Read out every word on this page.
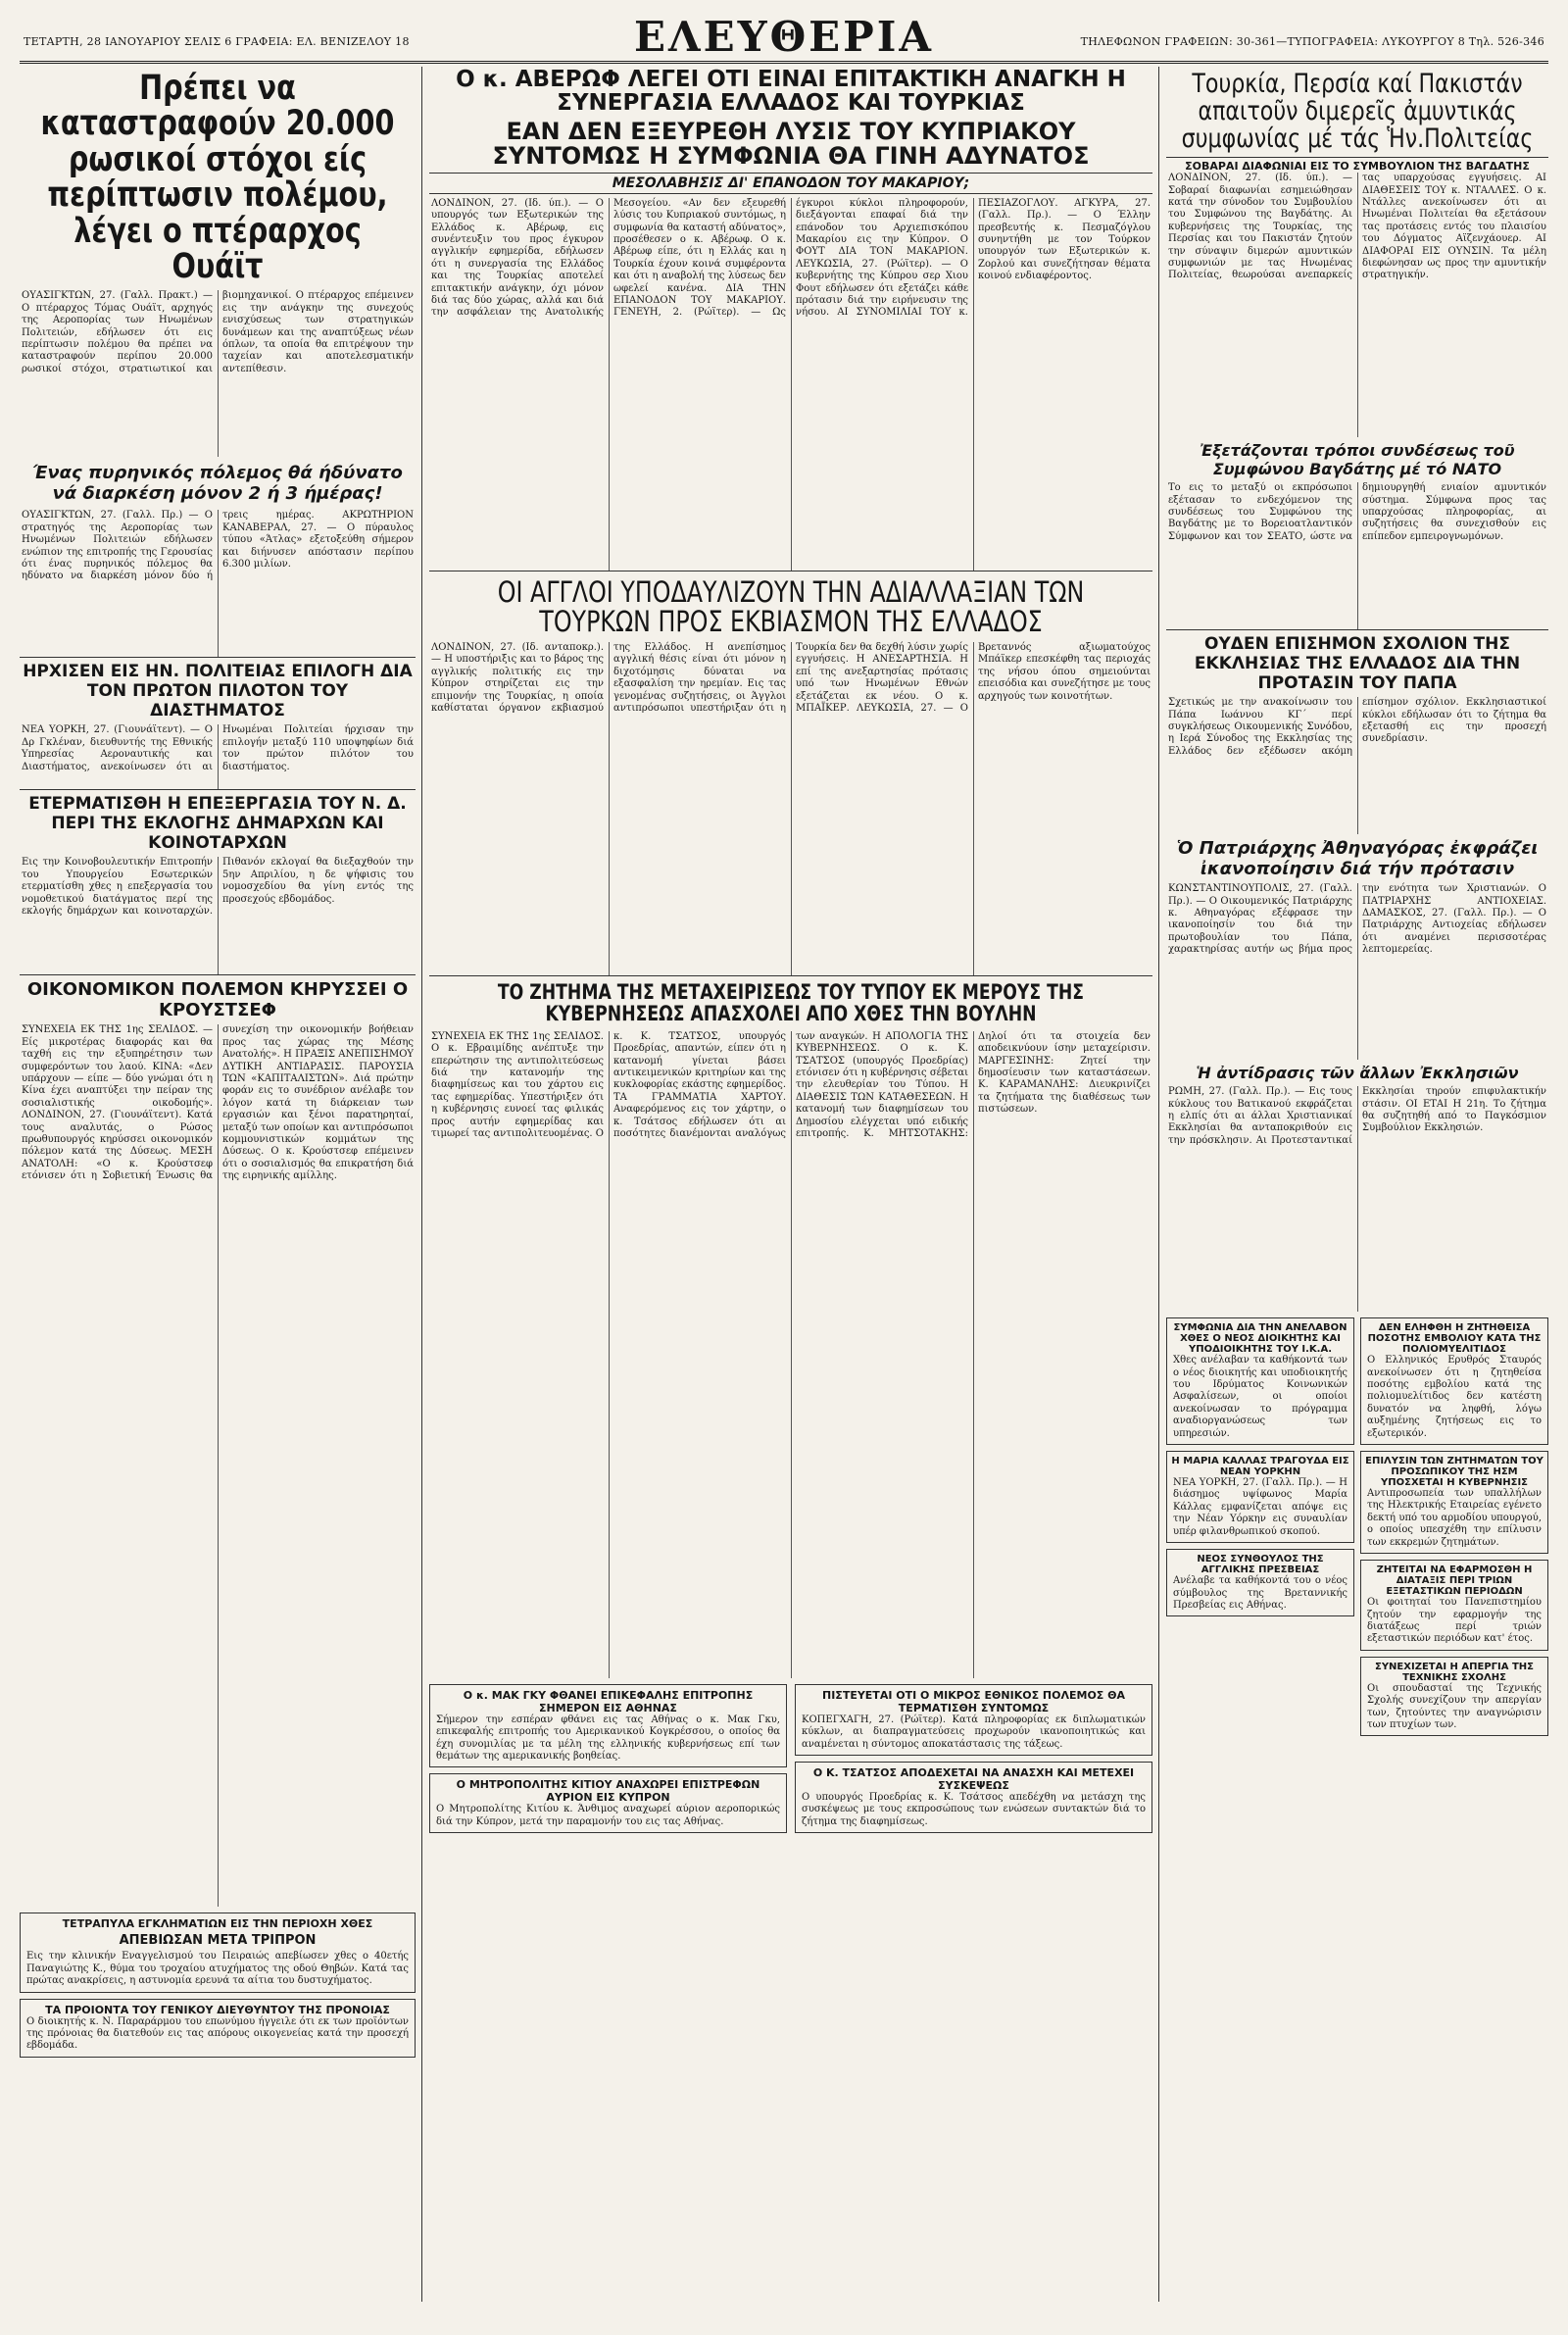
ΤΕΤΑΡΤΗ, 28 ΙΑΝΟΥΑΡΙΟΥ ΣΕΛΙΣ 6 ΓΡΑΦΕΙΑ: ΕΛ. ΒΕΝΙΖΕΛΟΥ 18	ΕΛΕΥΘΕΡΙΑ	ΤΗΛΕΦΩΝΟΝ ΓΡΑΦΕΙΩΝ: 30-361—ΤΥΠΟΓΡΑΦΕΙΑ: ΛΥΚΟΥΡΓΟΥ 8 Τηλ. 526-346
Πρέπει να καταστραφούν 20.000 ρωσικοί στόχοι είς περίπτωσιν πολέμου, λέγει ο πτέραρχος Ουάϊτ

ΟΥΑΣΙΓΚΤΩΝ, 27. (Γαλλ. Πρακτ.) — Ο πτέραρχος Τόμας Ουάϊτ, αρχηγός της Αεροπορίας των Ηνωμένων Πολιτειών, εδήλωσεν ότι εις περίπτωσιν πολέμου θα πρέπει να καταστραφούν περίπου 20.000 ρωσικοί στόχοι, στρατιωτικοί και βιομηχανικοί. Ο πτέραρχος επέμεινεν εις την ανάγκην της συνεχούς ενισχύσεως των στρατηγικών δυνάμεων και της αναπτύξεως νέων όπλων, τα οποία θα επιτρέψουν την ταχείαν και αποτελεσματικήν αντεπίθεσιν.

Ένας πυρηνικός πόλεμος θά ήδύνατο νά διαρκέση μόνον 2 ή 3 ήμέρας!

ΟΥΑΣΙΓΚΤΩΝ, 27. (Γαλλ. Πρ.) — Ο στρατηγός της Αεροπορίας των Ηνωμένων Πολιτειών εδήλωσεν ενώπιον της επιτροπής της Γερουσίας ότι ένας πυρηνικός πόλεμος θα ηδύνατο να διαρκέση μόνον δύο ή τρεις ημέρας. ΑΚΡΩΤΗΡΙΟΝ ΚΑΝΑΒΕΡΑΛ, 27. — Ο πύραυλος τύπου «Άτλας» εξετοξεύθη σήμερον και διήνυσεν απόστασιν περίπου 6.300 μιλίων.

ΗΡΧΙΣΕΝ ΕΙΣ ΗΝ. ΠΟΛΙΤΕΙΑΣ ΕΠΙΛΟΓΗ ΔΙΑ ΤΟΝ ΠΡΩΤΟΝ ΠΙΛΟΤΟΝ ΤΟΥ ΔΙΑΣΤΗΜΑΤΟΣ

ΝΕΑ ΥΟΡΚΗ, 27. (Γιουνάϊτεντ). — Ο Δρ Γκλέναν, διευθυντής της Εθνικής Υπηρεσίας Αεροναυτικής και Διαστήματος, ανεκοίνωσεν ότι αι Ηνωμέναι Πολιτείαι ήρχισαν την επιλογήν μεταξύ 110 υποψηφίων διά τον πρώτον πιλότον του διαστήματος.

ΕΤΕΡΜΑΤΙΣΘΗ Η ΕΠΕΞΕΡΓΑΣΙΑ ΤΟΥ Ν. Δ. ΠΕΡΙ ΤΗΣ ΕΚΛΟΓΗΣ ΔΗΜΑΡΧΩΝ ΚΑΙ ΚΟΙΝΟΤΑΡΧΩΝ

Εις την Κοινοβουλευτικήν Επιτροπήν του Υπουργείου Εσωτερικών ετερματίσθη χθες η επεξεργασία του νομοθετικού διατάγματος περί της εκλογής δημάρχων και κοινοταρχών. Πιθανόν εκλογαί θα διεξαχθούν την 5ην Απριλίου, η δε ψήφισις του νομοσχεδίου θα γίνη εντός της προσεχούς εβδομάδος.

ΟΙΚΟΝΟΜΙΚΟΝ ΠΟΛΕΜΟΝ ΚΗΡΥΣΣΕΙ Ο ΚΡΟΥΣΤΣΕΦ

ΣΥΝΕΧΕΙΑ ΕΚ ΤΗΣ 1ης ΣΕΛΙΔΟΣ. — Είς μικροτέρας διαφοράς και θα ταχθή εις την εξυπηρέτησιν των συμφερόντων του λαού. ΚΙΝΑ: «Δεν υπάρχουν — είπε — δύο γνώμαι ότι η Κίνα έχει αναπτύξει την πείραν της σοσιαλιστικής οικοδομής». ΛΟΝΔΙΝΟΝ, 27. (Γιουνάϊτεντ). Κατά τους αναλυτάς, ο Ρώσος πρωθυπουργός κηρύσσει οικονομικόν πόλεμον κατά της Δύσεως. ΜΕΣΗ ΑΝΑΤΟΛΗ: «Ο κ. Κρούστσεφ ετόνισεν ότι η Σοβιετική Ένωσις θα συνεχίση την οικονομικήν βοήθειαν προς τας χώρας της Μέσης Ανατολής». Η ΠΡΑΞΙΣ ΑΝΕΠΙΣΗΜΟΥ ΔΥΤΙΚΗ ΑΝΤΙΔΡΑΣΙΣ. ΠΑΡΟΥΣΙΑ ΤΩΝ «ΚΑΠΙΤΑΛΙΣΤΩΝ». Διά πρώτην φοράν εις το συνέδριον ανέλαβε τον λόγον κατά τη διάρκειαν των εργασιών και ξένοι παρατηρηταί, μεταξύ των οποίων και αντιπρόσωποι κομμουνιστικών κομμάτων της Δύσεως. Ο κ. Κρούστσεφ επέμεινεν ότι ο σοσιαλισμός θα επικρατήση διά της ειρηνικής αμίλλης.

ΤΕΤΡΑΠΥΛΑ ΕΓΚΛΗΜΑΤΙΩΝ ΕΙΣ ΤΗΝ ΠΕΡΙΟΧΗ ΧΘΕΣ
ΑΠΕΒΙΩΣΑΝ ΜΕΤΑ ΤΡΙΠΡΟΝ

Εις την κλινικήν Εναγγελισμού του Πειραιώς απεβίωσεν χθες ο 40ετής Παναγιώτης Κ., θύμα του τροχαίου ατυχήματος της οδού Θηβών. Κατά τας πρώτας ανακρίσεις, η αστυνομία ερευνά τα αίτια του δυστυχήματος.

ΤΑ ΠΡΟΙΟΝΤΑ ΤΟΥ ΓΕΝΙΚΟΥ ΔΙΕΥΘΥΝΤΟΥ ΤΗΣ ΠΡΟΝΟΙΑΣ

Ο διοικητής κ. Ν. Παραράρμου του επωνύμου ήγγειλε ότι εκ των προϊόντων της πρόνοιας θα διατεθούν εις τας απόρους οικογενείας κατά την προσεχή εβδομάδα.

Ο κ. ΑΒΕΡΩΦ ΛΕΓΕΙ ΟΤΙ ΕΙΝΑΙ ΕΠΙΤΑΚΤΙΚΗ ΑΝΑΓΚΗ Η ΣΥΝΕΡΓΑΣΙΑ ΕΛΛΑΔΟΣ ΚΑΙ ΤΟΥΡΚΙΑΣ
ΕΑΝ ΔΕΝ ΕΞΕΥΡΕΘΗ ΛΥΣΙΣ ΤΟΥ ΚΥΠΡΙΑΚΟΥ ΣΥΝΤΟΜΩΣ Η ΣΥΜΦΩΝΙΑ ΘΑ ΓΙΝΗ ΑΔΥΝΑΤΟΣ
ΜΕΣΟΛΑΒΗΣΙΣ ΔΙ' ΕΠΑΝΟΔΟΝ ΤΟΥ ΜΑΚΑΡΙΟΥ;

ΛΟΝΔΙΝΟΝ, 27. (Ιδ. ύπ.). — Ο υπουργός των Εξωτερικών της Ελλάδος κ. Αβέρωφ, εις συνέντευξιν του προς έγκυρον αγγλικήν εφημερίδα, εδήλωσεν ότι η συνεργασία της Ελλάδος και της Τουρκίας αποτελεί επιτακτικήν ανάγκην, όχι μόνον διά τας δύο χώρας, αλλά και διά την ασφάλειαν της Ανατολικής Μεσογείου. «Αν δεν εξευρεθή λύσις του Κυπριακού συντόμως, η συμφωνία θα καταστή αδύνατος», προσέθεσεν ο κ. Αβέρωφ. Ο κ. Αβέρωφ είπε, ότι η Ελλάς και η Τουρκία έχουν κοινά συμφέροντα και ότι η αναβολή της λύσεως δεν ωφελεί κανένα. ΔΙΑ ΤΗΝ ΕΠΑΝΟΔΟΝ ΤΟΥ ΜΑΚΑΡΙΟΥ. ΓΕΝΕΥΗ, 2. (Ρώϊτερ). — Ως έγκυροι κύκλοι πληροφορούν, διεξάγονται επαφαί διά την επάνοδον του Αρχιεπισκόπου Μακαρίου εις την Κύπρον. Ο ΦΟΥΤ ΔΙΑ ΤΟΝ ΜΑΚΑΡΙΟΝ. ΛΕΥΚΩΣΙΑ, 27. (Ρώϊτερ). — Ο κυβερνήτης της Κύπρου σερ Χιου Φουτ εδήλωσεν ότι εξετάζει κάθε πρότασιν διά την ειρήνευσιν της νήσου. ΑΙ ΣΥΝΟΜΙΛΙΑΙ ΤΟΥ κ. ΠΕΣΙΑΖΟΓΛΟΥ. ΑΓΚΥΡΑ, 27. (Γαλλ. Πρ.). — Ο Έλλην πρεσβευτής κ. Πεσμαζόγλου συνηντήθη με τον Τούρκον υπουργόν των Εξωτερικών κ. Ζορλού και συνεζήτησαν θέματα κοινού ενδιαφέροντος.

ΟΙ ΑΓΓΛΟΙ ΥΠΟΔΑΥΛΙΖΟΥΝ ΤΗΝ ΑΔΙΑΛΛΑΞΙΑΝ ΤΩΝ ΤΟΥΡΚΩΝ ΠΡΟΣ ΕΚΒΙΑΣΜΟΝ ΤΗΣ ΕΛΛΑΔΟΣ

ΛΟΝΔΙΝΟΝ, 27. (Ιδ. ανταποκρ.). — Η υποστήριξις και το βάρος της αγγλικής πολιτικής εις την Κύπρον στηρίζεται εις την επιμονήν της Τουρκίας, η οποία καθίσταται όργανον εκβιασμού της Ελλάδος. Η ανεπίσημος αγγλική θέσις είναι ότι μόνον η διχοτόμησις δύναται να εξασφαλίση την ηρεμίαν. Εις τας γενομένας συζητήσεις, οι Άγγλοι αντιπρόσωποι υπεστήριξαν ότι η Τουρκία δεν θα δεχθή λύσιν χωρίς εγγυήσεις. Η ΑΝΕΣΑΡΤΗΣΙΑ. Η επί της ανεξαρτησίας πρότασις υπό των Ηνωμένων Εθνών εξετάζεται εκ νέου. Ο κ. ΜΠΑΪΚΕΡ. ΛΕΥΚΩΣΙΑ, 27. — Ο Βρεταννός αξιωματούχος Μπάϊκερ επεσκέφθη τας περιοχάς της νήσου όπου σημειούνται επεισόδια και συνεζήτησε με τους αρχηγούς των κοινοτήτων.

ΤΟ ΖΗΤΗΜΑ ΤΗΣ ΜΕΤΑΧΕΙΡΙΣΕΩΣ ΤΟΥ ΤΥΠΟΥ ΕΚ ΜΕΡΟΥΣ ΤΗΣ ΚΥΒΕΡΝΗΣΕΩΣ ΑΠΑΣΧΟΛΕΙ ΑΠΟ ΧΘΕΣ ΤΗΝ ΒΟΥΛΗΝ

ΣΥΝΕΧΕΙΑ ΕΚ ΤΗΣ 1ης ΣΕΛΙΔΟΣ. Ο κ. Εβραιμίδης ανέπτυξε την επερώτησιν της αντιπολιτεύσεως διά την κατανομήν της διαφημίσεως και του χάρτου εις τας εφημερίδας. Υπεστήριξεν ότι η κυβέρνησις ευνοεί τας φιλικάς προς αυτήν εφημερίδας και τιμωρεί τας αντιπολιτευομένας. Ο κ. Κ. ΤΣΑΤΣΟΣ, υπουργός Προεδρίας, απαντών, είπεν ότι η κατανομή γίνεται βάσει αντικειμενικών κριτηρίων και της κυκλοφορίας εκάστης εφημερίδος. ΤΑ ΓΡΑΜΜΑΤΙΑ ΧΑΡΤΟΥ. Αναφερόμενος εις τον χάρτην, ο κ. Τσάτσος εδήλωσεν ότι αι ποσότητες διανέμονται αναλόγως των αναγκών. Η ΑΠΟΛΟΓΙΑ ΤΗΣ ΚΥΒΕΡΝΗΣΕΩΣ. Ο κ. Κ. ΤΣΑΤΣΟΣ (υπουργός Προεδρίας) ετόνισεν ότι η κυβέρνησις σέβεται την ελευθερίαν του Τύπου. Η ΔΙΑΘΕΣΙΣ ΤΩΝ ΚΑΤΑΘΕΣΕΩΝ. Η κατανομή των διαφημίσεων του Δημοσίου ελέγχεται υπό ειδικής επιτροπής. Κ. ΜΗΤΣΟΤΑΚΗΣ: Δηλοί ότι τα στοιχεία δεν αποδεικνύουν ίσην μεταχείρισιν. ΜΑΡΓΕΣΙΝΗΣ: Ζητεί την δημοσίευσιν των καταστάσεων. Κ. ΚΑΡΑΜΑΝΛΗΣ: Διευκρινίζει τα ζητήματα της διαθέσεως των πιστώσεων.

Ο κ. ΜΑΚ ΓΚΥ ΦΘΑΝΕΙ ΕΠΙΚΕΦΑΛΗΣ ΕΠΙΤΡΟΠΗΣ ΣΗΜΕΡΟΝ ΕΙΣ ΑΘΗΝΑΣ

Σήμερον την εσπέραν φθάνει εις τας Αθήνας ο κ. Μακ Γκυ, επικεφαλής επιτροπής του Αμερικανικού Κογκρέσσου, ο οποίος θα έχη συνομιλίας με τα μέλη της ελληνικής κυβερνήσεως επί των θεμάτων της αμερικανικής βοηθείας.

Ο ΜΗΤΡΟΠΟΛΙΤΗΣ ΚΙΤΙΟΥ ΑΝΑΧΩΡΕΙ ΕΠΙΣΤΡΕΦΩΝ ΑΥΡΙΟΝ ΕΙΣ ΚΥΠΡΟΝ

Ο Μητροπολίτης Κιτίου κ. Άνθιμος αναχωρεί αύριον αεροπορικώς διά την Κύπρον, μετά την παραμονήν του εις τας Αθήνας.

ΠΙΣΤΕΥΕΤΑΙ ΟΤΙ Ο ΜΙΚΡΟΣ ΕΘΝΙΚΟΣ ΠΟΛΕΜΟΣ ΘΑ ΤΕΡΜΑΤΙΣΘΗ ΣΥΝΤΟΜΩΣ

ΚΟΠΕΓΧΑΓΗ, 27. (Ρώϊτερ). Κατά πληροφορίας εκ διπλωματικών κύκλων, αι διαπραγματεύσεις προχωρούν ικανοποιητικώς και αναμένεται η σύντομος αποκατάστασις της τάξεως.

Ο Κ. ΤΣΑΤΣΟΣ ΑΠΟΔΕΧΕΤΑΙ ΝΑ ΑΝΑΣΧΗ ΚΑΙ ΜΕΤΕΧΕΙ ΣΥΣΚΕΨΕΩΣ

Ο υπουργός Προεδρίας κ. Κ. Τσάτσος απεδέχθη να μετάσχη της συσκέψεως με τους εκπροσώπους των ενώσεων συντακτών διά το ζήτημα της διαφημίσεως.

Τουρκία, Περσία καί Πακιστάν απαιτοῦν διμερεῖς ἀμυντικάς συμφωνίας μέ τάς Ἡν.Πολιτείας
ΣΟΒΑΡΑΙ ΔΙΑΦΩΝΙΑΙ ΕΙΣ ΤΟ ΣΥΜΒΟΥΛΙΟΝ ΤΗΣ ΒΑΓΔΑΤΗΣ

ΛΟΝΔΙΝΟΝ, 27. (Ιδ. ύπ.). — Σοβαραί διαφωνίαι εσημειώθησαν κατά την σύνοδον του Συμβουλίου του Συμφώνου της Βαγδάτης. Αι κυβερνήσεις της Τουρκίας, της Περσίας και του Πακιστάν ζητούν την σύναψιν διμερών αμυντικών συμφωνιών με τας Ηνωμένας Πολιτείας, θεωρούσαι ανεπαρκείς τας υπαρχούσας εγγυήσεις. ΑΙ ΔΙΑΘΕΣΕΙΣ ΤΟΥ κ. ΝΤΑΛΛΕΣ. Ο κ. Ντάλλες ανεκοίνωσεν ότι αι Ηνωμέναι Πολιτείαι θα εξετάσουν τας προτάσεις εντός του πλαισίου του Δόγματος Αϊζενχάουερ. ΑΙ ΔΙΑΦΟΡΑΙ ΕΙΣ ΟΥΝΣΙΝ. Τα μέλη διεφώνησαν ως προς την αμυντικήν στρατηγικήν.

Ἐξετάζονται τρόποι συνδέσεως τοῦ Συμφώνου Βαγδάτης μέ τό ΝΑΤΟ

Το εις το μεταξύ οι εκπρόσωποι εξέτασαν το ενδεχόμενον της συνδέσεως του Συμφώνου της Βαγδάτης με το Βορειοατλαντικόν Σύμφωνον και τον ΣΕΑΤΟ, ώστε να δημιουργηθή ενιαίον αμυντικόν σύστημα. Σύμφωνα προς τας υπαρχούσας πληροφορίας, αι συζητήσεις θα συνεχισθούν εις επίπεδον εμπειρογνωμόνων.

ΟΥΔΕΝ ΕΠΙΣΗΜΟΝ ΣΧΟΛΙΟΝ ΤΗΣ ΕΚΚΛΗΣΙΑΣ ΤΗΣ ΕΛΛΑΔΟΣ ΔΙΑ ΤΗΝ ΠΡΟΤΑΣΙΝ ΤΟΥ ΠΑΠΑ

Σχετικώς με την ανακοίνωσιν του Πάπα Ιωάννου ΚΓ΄ περί συγκλήσεως Οικουμενικής Συνόδου, η Ιερά Σύνοδος της Εκκλησίας της Ελλάδος δεν εξέδωσεν ακόμη επίσημον σχόλιον. Εκκλησιαστικοί κύκλοι εδήλωσαν ότι το ζήτημα θα εξετασθή εις την προσεχή συνεδρίασιν.

Ὁ Πατριάρχης Ἀθηναγόρας ἐκφράζει ἰκανοποίησιν διά τήν πρότασιν

ΚΩΝΣΤΑΝΤΙΝΟΥΠΟΛΙΣ, 27. (Γαλλ. Πρ.). — Ο Οικουμενικός Πατριάρχης κ. Αθηναγόρας εξέφρασε την ικανοποίησίν του διά την πρωτοβουλίαν του Πάπα, χαρακτηρίσας αυτήν ως βήμα προς την ενότητα των Χριστιανών. Ο ΠΑΤΡΙΑΡΧΗΣ ΑΝΤΙΟΧΕΙΑΣ. ΔΑΜΑΣΚΟΣ, 27. (Γαλλ. Πρ.). — Ο Πατριάρχης Αντιοχείας εδήλωσεν ότι αναμένει περισσοτέρας λεπτομερείας.

Ἡ ἀντίδρασις τῶν ἄλλων Ἐκκλησιῶν

ΡΩΜΗ, 27. (Γαλλ. Πρ.). — Εις τους κύκλους του Βατικανού εκφράζεται η ελπίς ότι αι άλλαι Χριστιανικαί Εκκλησίαι θα ανταποκριθούν εις την πρόσκλησιν. Αι Προτεσταντικαί Εκκλησίαι τηρούν επιφυλακτικήν στάσιν. ΟΙ ΕΤΑΙ Η 21η. Το ζήτημα θα συζητηθή από το Παγκόσμιον Συμβούλιον Εκκλησιών.

ΣΥΜΦΩΝΙΑ ΔΙΑ ΤΗΝ ΑΝΕΛΑΒΟΝ ΧΘΕΣ Ο ΝΕΟΣ ΔΙΟΙΚΗΤΗΣ ΚΑΙ ΥΠΟΔΙΟΙΚΗΤΗΣ ΤΟΥ Ι.Κ.Α.

Χθες ανέλαβαν τα καθήκοντά των ο νέος διοικητής και υποδιοικητής του Ιδρύματος Κοινωνικών Ασφαλίσεων, οι οποίοι ανεκοίνωσαν το πρόγραμμα αναδιοργανώσεως των υπηρεσιών.

Η ΜΑΡΙΑ ΚΑΛΛΑΣ ΤΡΑΓΟΥΔΑ ΕΙΣ ΝΕΑΝ ΥΟΡΚΗΝ

ΝΕΑ ΥΟΡΚΗ, 27. (Γαλλ. Πρ.). — Η διάσημος υψίφωνος Μαρία Κάλλας εμφανίζεται απόψε εις την Νέαν Υόρκην εις συναυλίαν υπέρ φιλανθρωπικού σκοπού.

ΝΕΟΣ ΣΥΝΘΟΥΛΟΣ ΤΗΣ ΑΓΓΛΙΚΗΣ ΠΡΕΣΒΕΙΑΣ

Ανέλαβε τα καθήκοντά του ο νέος σύμβουλος της Βρεταννικής Πρεσβείας εις Αθήνας.

ΔΕΝ ΕΛΗΦΘΗ Η ΖΗΤΗΘΕΙΣΑ ΠΟΣΟΤΗΣ ΕΜΒΟΛΙΟΥ ΚΑΤΑ ΤΗΣ ΠΟΛΙΟΜΥΕΛΙΤΙΔΟΣ

Ο Ελληνικός Ερυθρός Σταυρός ανεκοίνωσεν ότι η ζητηθείσα ποσότης εμβολίου κατά της πολιομυελίτιδος δεν κατέστη δυνατόν να ληφθή, λόγω αυξημένης ζητήσεως εις το εξωτερικόν.

ΕΠΙΛΥΣΙΝ ΤΩΝ ΖΗΤΗΜΑΤΩΝ ΤΟΥ ΠΡΟΣΩΠΙΚΟΥ ΤΗΣ ΗΣΜ ΥΠΟΣΧΕΤΑΙ Η ΚΥΒΕΡΝΗΣΙΣ

Αντιπροσωπεία των υπαλλήλων της Ηλεκτρικής Εταιρείας εγένετο δεκτή υπό του αρμοδίου υπουργού, ο οποίος υπεσχέθη την επίλυσιν των εκκρεμών ζητημάτων.

ΖΗΤΕΙΤΑΙ ΝΑ ΕΦΑΡΜΟΣΘΗ Η ΔΙΑΤΑΞΙΣ ΠΕΡΙ ΤΡΙΩΝ ΕΞΕΤΑΣΤΙΚΩΝ ΠΕΡΙΟΔΩΝ

Οι φοιτηταί του Πανεπιστημίου ζητούν την εφαρμογήν της διατάξεως περί τριών εξεταστικών περιόδων κατ' έτος.

ΣΥΝΕΧΙΖΕΤΑΙ Η ΑΠΕΡΓΙΑ ΤΗΣ ΤΕΧΝΙΚΗΣ ΣΧΟΛΗΣ

Οι σπουδασταί της Τεχνικής Σχολής συνεχίζουν την απεργίαν των, ζητούντες την αναγνώρισιν των πτυχίων των.
